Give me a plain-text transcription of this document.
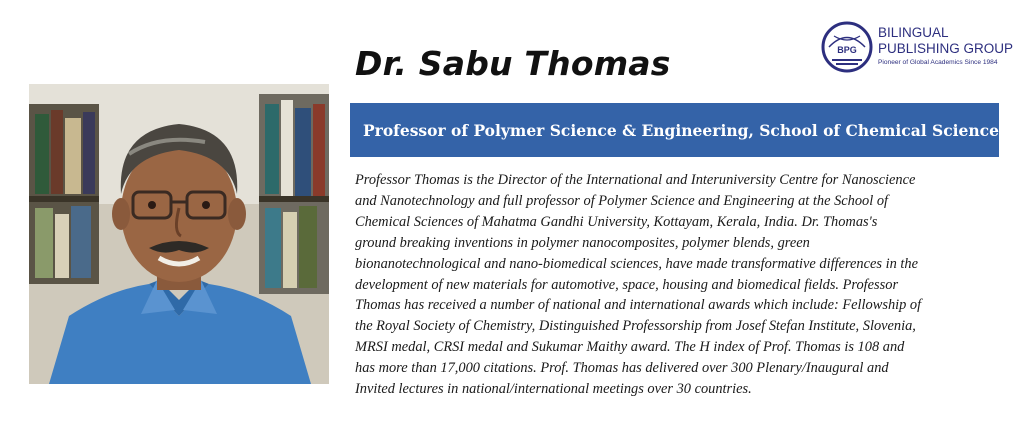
Dr. Sabu Thomas
Professor of Polymer Science & Engineering, School of Chemical Sciences
Professor Thomas is the Director of the International and Interuniversity Centre for Nanoscience
and Nanotechnology and full professor of Polymer Science and Engineering at the School of
Chemical Sciences of Mahatma Gandhi University, Kottayam, Kerala, India. Dr. Thomas's
ground breaking inventions in polymer nanocomposites, polymer blends, green
bionanotechnological and nano-biomedical sciences, have made transformative differences in the
development of new materials for automotive, space, housing and biomedical fields. Professor
Thomas has received a number of national and international awards which include: Fellowship of
the Royal Society of Chemistry, Distinguished Professorship from Josef Stefan Institute, Slovenia,
MRSI medal, CRSI medal and Sukumar Maithy award. The H index of Prof. Thomas is 108 and
has more than 17,000 citations. Prof. Thomas has delivered over 300 Plenary/Inaugural and
Invited lectures in national/international meetings over 30 countries.
BPG
BILINGUAL
PUBLISHING GROUP
Pioneer of Global Academics Since 1984
